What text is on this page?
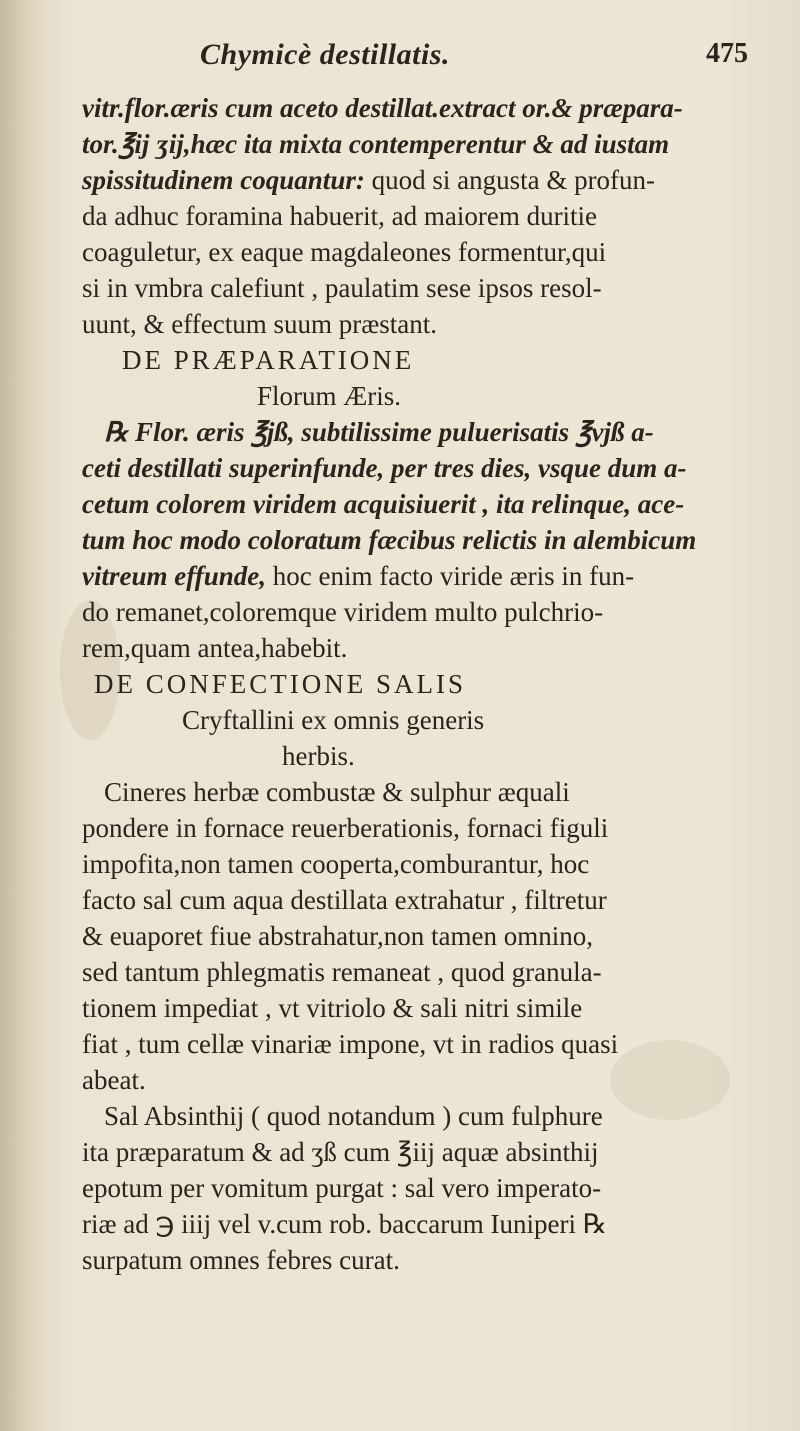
Chymicè destillatis.	475
vitr.flor.æris cum aceto destillat.extract or.& præpara-
tor.℥ij ʒij,hæc ita mixta contemperentur & ad iustam
spissitudinem coquantur: quod si angusta & profun-
da adhuc foramina habuerit, ad maiorem duritie
coaguletur, ex eaque magdaleones formentur,qui
si in vmbra calefiunt , paulatim sese ipsos resol-
uunt, & effectum suum præstant.
DE PRÆPARATIONE
Florum Æris.
℞ Flor. æris ℥jß, subtilissime puluerisatis ℥vjß a-
ceti destillati superinfunde, per tres dies, vsque dum a-
cetum colorem viridem acquisiuerit , ita relinque, ace-
tum hoc modo coloratum fæcibus relictis in alembicum
vitreum effunde, hoc enim facto viride æris in fun-
do remanet,coloremque viridem multo pulchrio-
rem,quam antea,habebit.
DE CONFECTIONE SALIS
Cryftallini ex omnis generis
herbis.
Cineres herbæ combustæ & sulphur æquali
pondere in fornace reuerberationis, fornaci figuli
impofita,non tamen cooperta,comburantur, hoc
facto sal cum aqua destillata extrahatur , filtretur
& euaporet fiue abstrahatur,non tamen omnino,
sed tantum phlegmatis remaneat , quod granula-
tionem impediat , vt vitriolo & sali nitri simile
fiat , tum cellæ vinariæ impone, vt in radios quasi
abeat.
Sal Absinthij ( quod notandum ) cum fulphure
ita præparatum & ad ʒß cum ℥iij aquæ absinthij
epotum per vomitum purgat : sal vero imperato-
riæ ad ℈ iiij vel v.cum rob. baccarum Iuniperi ℞
surpatum omnes febres curat.
